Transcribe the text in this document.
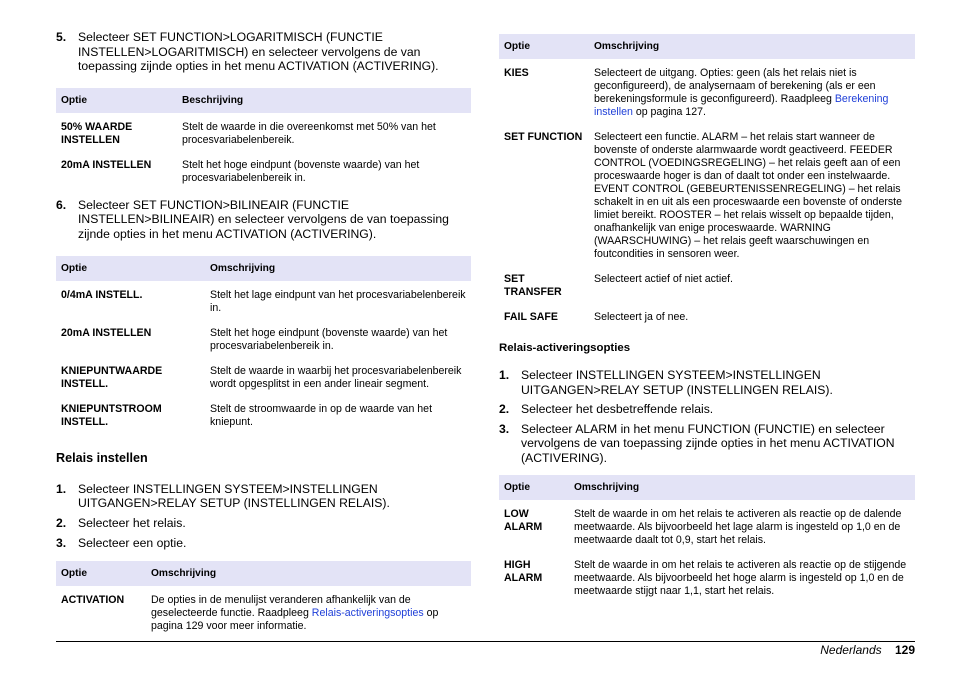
5. Selecteer SET FUNCTION>LOGARITMISCH (FUNCTIE INSTELLEN>LOGARITMISCH) en selecteer vervolgens de van toepassing zijnde opties in het menu ACTIVATION (ACTIVERING).
Optie	Beschrijving
50% WAARDE INSTELLEN	Stelt de waarde in die overeenkomst met 50% van het procesvariabelenbereik.
20mA INSTELLEN	Stelt het hoge eindpunt (bovenste waarde) van het procesvariabelenbereik in.
6. Selecteer SET FUNCTION>BILINEAIR (FUNCTIE INSTELLEN>BILINEAIR) en selecteer vervolgens de van toepassing zijnde opties in het menu ACTIVATION (ACTIVERING).
Optie	Omschrijving
0/4mA INSTELL.	Stelt het lage eindpunt van het procesvariabelenbereik in.
20mA INSTELLEN	Stelt het hoge eindpunt (bovenste waarde) van het procesvariabelenbereik in.
KNIEPUNTWAARDE INSTELL.	Stelt de waarde in waarbij het procesvariabelenbereik wordt opgesplitst in een ander lineair segment.
KNIEPUNTSTROOM INSTELL.	Stelt de stroomwaarde in op de waarde van het kniepunt.
Relais instellen
1. Selecteer INSTELLINGEN SYSTEEM>INSTELLINGEN UITGANGEN>RELAY SETUP (INSTELLINGEN RELAIS).
2. Selecteer het relais.
3. Selecteer een optie.
Optie	Omschrijving
ACTIVATION	De opties in de menulijst veranderen afhankelijk van de geselecteerde functie. Raadpleeg Relais-activeringsopties op pagina 129 voor meer informatie.
Optie	Omschrijving
KIES	Selecteert de uitgang. Opties: geen (als het relais niet is geconfigureerd), de analysernaam of berekening (als er een berekeningsformule is geconfigureerd). Raadpleeg Berekening instellen op pagina 127.
SET FUNCTION	Selecteert een functie. ALARM – het relais start wanneer de bovenste of onderste alarmwaarde wordt geactiveerd. FEEDER CONTROL (VOEDINGSREGELING) – het relais geeft aan of een proceswaarde hoger is dan of daalt tot onder een instelwaarde. EVENT CONTROL (GEBEURTENISSENREGELING) – het relais schakelt in en uit als een proceswaarde een bovenste of onderste limiet bereikt. ROOSTER – het relais wisselt op bepaalde tijden, onafhankelijk van enige proceswaarde. WARNING (WAARSCHUWING) – het relais geeft waarschuwingen en foutcondities in sensoren weer.
SET TRANSFER	Selecteert actief of niet actief.
FAIL SAFE	Selecteert ja of nee.
Relais-activeringsopties
1. Selecteer INSTELLINGEN SYSTEEM>INSTELLINGEN UITGANGEN>RELAY SETUP (INSTELLINGEN RELAIS).
2. Selecteer het desbetreffende relais.
3. Selecteer ALARM in het menu FUNCTION (FUNCTIE) en selecteer vervolgens de van toepassing zijnde opties in het menu ACTIVATION (ACTIVERING).
Optie	Omschrijving
LOW ALARM	Stelt de waarde in om het relais te activeren als reactie op de dalende meetwaarde. Als bijvoorbeeld het lage alarm is ingesteld op 1,0 en de meetwaarde daalt tot 0,9, start het relais.
HIGH ALARM	Stelt de waarde in om het relais te activeren als reactie op de stijgende meetwaarde. Als bijvoorbeeld het hoge alarm is ingesteld op 1,0 en de meetwaarde stijgt naar 1,1, start het relais.
Nederlands 129
